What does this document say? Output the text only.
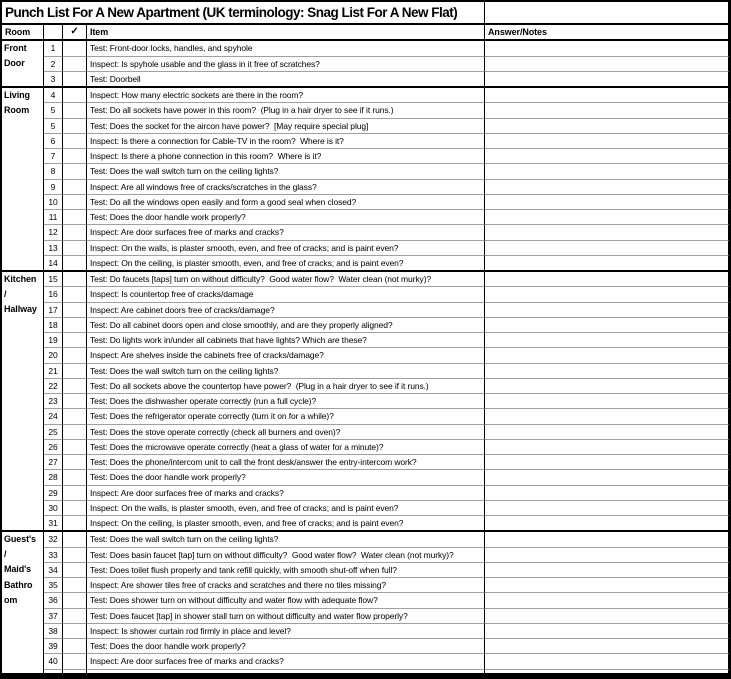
Punch List For A New Apartment (UK terminology: Snag List For A New Flat)				
Room		✓	Item	Answer/Notes
Front	1		Test: Front-door locks, handles, and spyhole	
Door	2		Inspect: Is spyhole usable and the glass in it free of scratches?	
	3		Test: Doorbell	
Living	4		Inspect: How many electric sockets are there in the room?	
Room	5		Test: Do all sockets have power in this room?  (Plug in a hair dryer to see if it runs.)	
	5		Test: Does the socket for the aircon have power?  [May require special plug]	
	6		Inspect: Is there a connection for Cable-TV in the room?  Where is it?	
	7		Inspect: Is there a phone connection in this room?  Where is it?	
	8		Test: Does the wall switch turn on the ceiling lights?	
	9		Inspect: Are all windows free of cracks/scratches in the glass?	
	10		Test: Do all the windows open easily and form a good seal when closed?	
	11		Test: Does the door handle work properly?	
	12		Inspect: Are door surfaces free of marks and cracks?	
	13		Inspect: On the walls, is plaster smooth, even, and free of cracks; and is paint even?	
	14		Inspect: On the ceiling, is plaster smooth, even, and free of cracks; and is paint even?	
Kitchen	15		Test: Do faucets [taps] turn on without difficulty?  Good water flow?  Water clean (not murky)?	
/	16		Inspect: Is countertop free of cracks/damage	
Hallway	17		Inspect: Are cabinet doors free of cracks/damage?	
	18		Test: Do all cabinet doors open and close smoothly, and are they properly aligned?	
	19		Test: Do lights work in/under all cabinets that have lights? Which are these?	
	20		Inspect: Are shelves inside the cabinets free of cracks/damage?	
	21		Test: Does the wall switch turn on the ceiling lights?	
	22		Test: Do all sockets above the countertop have power?  (Plug in a hair dryer to see if it runs.)	
	23		Test: Does the dishwasher operate correctly (run a full cycle)?	
	24		Test: Does the refrigerator operate correctly (turn it on for a while)?	
	25		Test: Does the stove operate correctly (check all burners and oven)?	
	26		Test: Does the microwave operate correctly (heat a glass of water for a minute)?	
	27		Test: Does the phone/intercom unit to call the front desk/answer the entry-intercom work?	
	28		Test: Does the door handle work properly?	
	29		Inspect: Are door surfaces free of marks and cracks?	
	30		Inspect: On the walls, is plaster smooth, even, and free of cracks; and is paint even?	
	31		Inspect: On the ceiling, is plaster smooth, even, and free of cracks; and is paint even?	
Guest's	32		Test: Does the wall switch turn on the ceiling lights?	
/	33		Test: Does basin faucet [tap] turn on without difficulty?  Good water flow?  Water clean (not murky)?	
Maid's	34		Test: Does toilet flush properly and tank refill quickly, with smooth shut-off when full?	
Bathro	35		Inspect: Are shower tiles free of cracks and scratches and there no tiles missing?	
om	36		Test: Does shower turn on without difficulty and water flow with adequate flow?	
	37		Test: Does faucet [tap] in shower stall turn on without difficulty and water flow properly?	
	38		Inspect: Is shower curtain rod firmly in place and level?	
	39		Test: Does the door handle work properly?	
	40		Inspect: Are door surfaces free of marks and cracks?	
